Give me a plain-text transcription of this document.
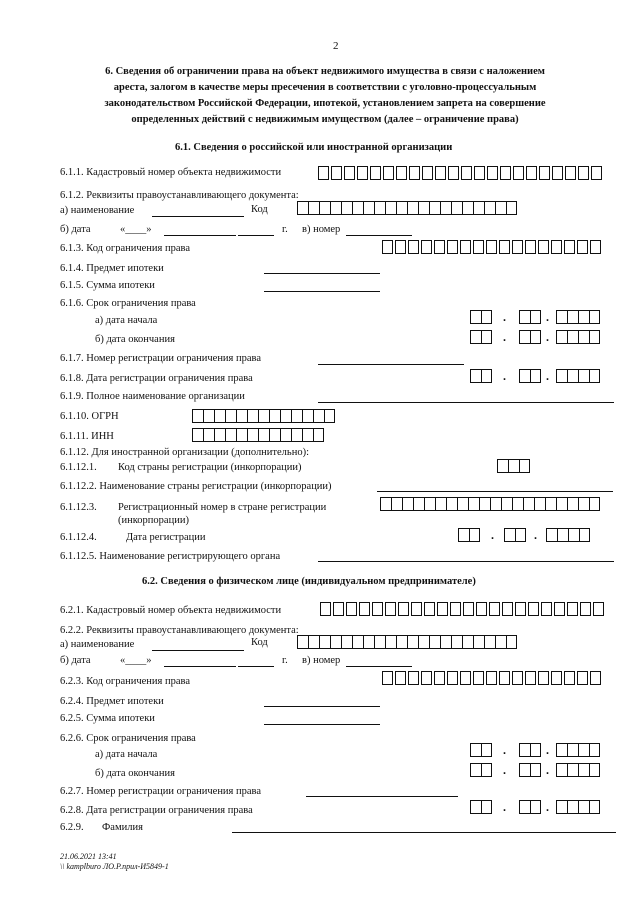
2
6. Сведения об ограничении права на объект недвижимого имущества в связи с наложением
ареста, залогом в качестве меры пресечения в соответствии с уголовно-процессуальным
законодательством Российской Федерации, ипотекой, установлением запрета на совершение
определенных действий с недвижимым имуществом (далее – ограничение права)
6.1. Сведения о российской или иностранной организации
6.1.1. Кадастровый номер объекта недвижимости
6.1.2. Реквизиты правоустанавливающего документа:
а) наименование	Код
б) дата	«____»	г. в) номер
6.1.3. Код ограничения права
6.1.4. Предмет ипотеки
6.1.5. Сумма ипотеки
6.1.6. Срок ограничения права
а) дата начала	.	.
б) дата окончания	.	.
6.1.7. Номер регистрации ограничения права
6.1.8. Дата регистрации ограничения права	.	.
6.1.9. Полное наименование организации
6.1.10. ОГРН
6.1.11. ИНН
6.1.12. Для иностранной организации (дополнительно):
6.1.12.1. Код страны регистрации (инкорпорации)
6.1.12.2. Наименование страны регистрации (инкорпорации)
6.1.12.3. Регистрационный номер в стране регистрации
(инкорпорации)
6.1.12.4.	Дата регистрации	.	.
6.1.12.5. Наименование регистрирующего органа
6.2. Сведения о физическом лице (индивидуальном предпринимателе)
6.2.1. Кадастровый номер объекта недвижимости
6.2.2. Реквизиты правоустанавливающего документа:
а) наименование	Код
б) дата	«____»	г. в) номер
6.2.3. Код ограничения права
6.2.4. Предмет ипотеки
6.2.5. Сумма ипотеки
6.2.6. Срок ограничения права
а) дата начала	.	.
б) дата окончания	.	.
6.2.7. Номер регистрации ограничения права
6.2.8. Дата регистрации ограничения права	.	.
6.2.9. Фамилия
21.06.2021 13:41
\\ kamplburo ЛО.Р.прил-И5849-1
